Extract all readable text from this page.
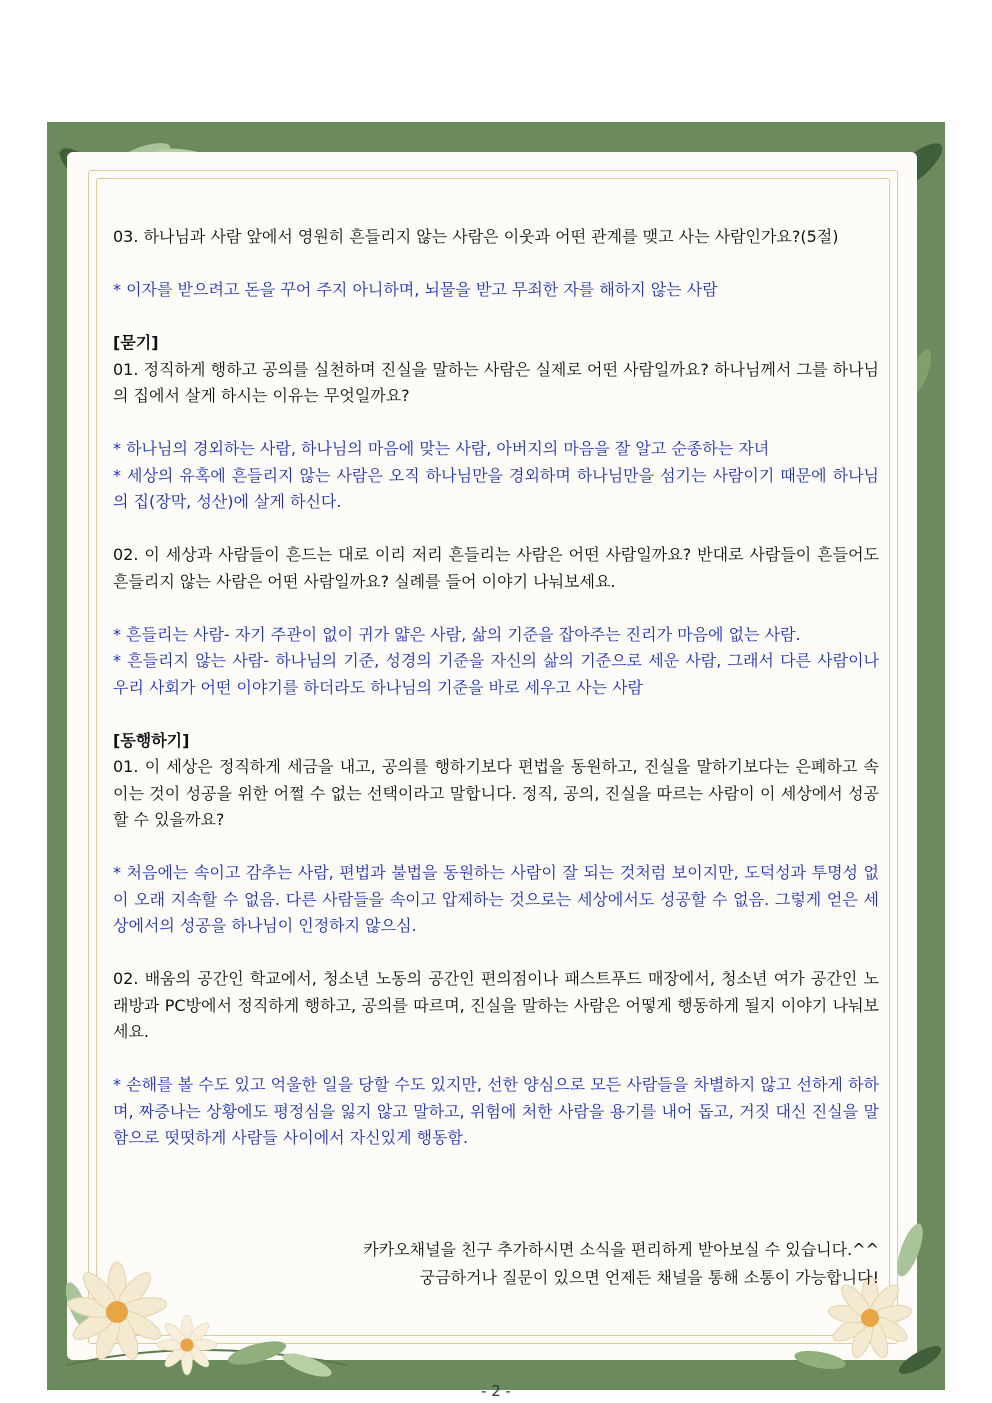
03. 하나님과 사람 앞에서 영원히 흔들리지 않는 사람은 이웃과 어떤 관계를 맺고 사는 사람인가요?(5절)

* 이자를 받으려고 돈을 꾸어 주지 아니하며, 뇌물을 받고 무죄한 자를 해하지 않는 사람

[묻기]

01. 정직하게 행하고 공의를 실천하며 진실을 말하는 사람은 실제로 어떤 사람일까요? 하나님께서 그를 하나님의 집에서 살게 하시는 이유는 무엇일까요?

* 하나님의 경외하는 사람, 하나님의 마음에 맞는 사람, 아버지의 마음을 잘 알고 순종하는 자녀

* 세상의 유혹에 흔들리지 않는 사람은 오직 하나님만을 경외하며 하나님만을 섬기는 사람이기 때문에 하나님의 집(장막, 성산)에 살게 하신다.

02. 이 세상과 사람들이 흔드는 대로 이리 저리 흔들리는 사람은 어떤 사람일까요? 반대로 사람들이 흔들어도 흔들리지 않는 사람은 어떤 사람일까요? 실례를 들어 이야기 나눠보세요.

* 흔들리는 사람- 자기 주관이 없이 귀가 얇은 사람, 삶의 기준을 잡아주는 진리가 마음에 없는 사람.

* 흔들리지 않는 사람- 하나님의 기준, 성경의 기준을 자신의 삶의 기준으로 세운 사람, 그래서 다른 사람이나 우리 사회가 어떤 이야기를 하더라도 하나님의 기준을 바로 세우고 사는 사람

[동행하기]

01. 이 세상은 정직하게 세금을 내고, 공의를 행하기보다 편법을 동원하고, 진실을 말하기보다는 은폐하고 속이는 것이 성공을 위한 어쩔 수 없는 선택이라고 말합니다. 정직, 공의, 진실을 따르는 사람이 이 세상에서 성공할 수 있을까요?

* 처음에는 속이고 감추는 사람, 편법과 불법을 동원하는 사람이 잘 되는 것처럼 보이지만, 도덕성과 투명성 없이 오래 지속할 수 없음. 다른 사람들을 속이고 압제하는 것으로는 세상에서도 성공할 수 없음. 그렇게 얻은 세상에서의 성공을 하나님이 인정하지 않으심.

02. 배움의 공간인 학교에서, 청소년 노동의 공간인 편의점이나 패스트푸드 매장에서, 청소년 여가 공간인 노래방과 PC방에서 정직하게 행하고, 공의를 따르며, 진실을 말하는 사람은 어떻게 행동하게 될지 이야기 나눠보세요.

* 손해를 볼 수도 있고 억울한 일을 당할 수도 있지만, 선한 양심으로 모든 사람들을 차별하지 않고 선하게 하하며, 짜증나는 상황에도 평정심을 잃지 않고 말하고, 위험에 처한 사람을 용기를 내어 돕고, 거짓 대신 진실을 말함으로 떳떳하게 사람들 사이에서 자신있게 행동함.

카카오채널을 친구 추가하시면 소식을 편리하게 받아보실 수 있습니다.^^

궁금하거나 질문이 있으면 언제든 채널을 통해 소통이 가능합니다!

- 2 -
